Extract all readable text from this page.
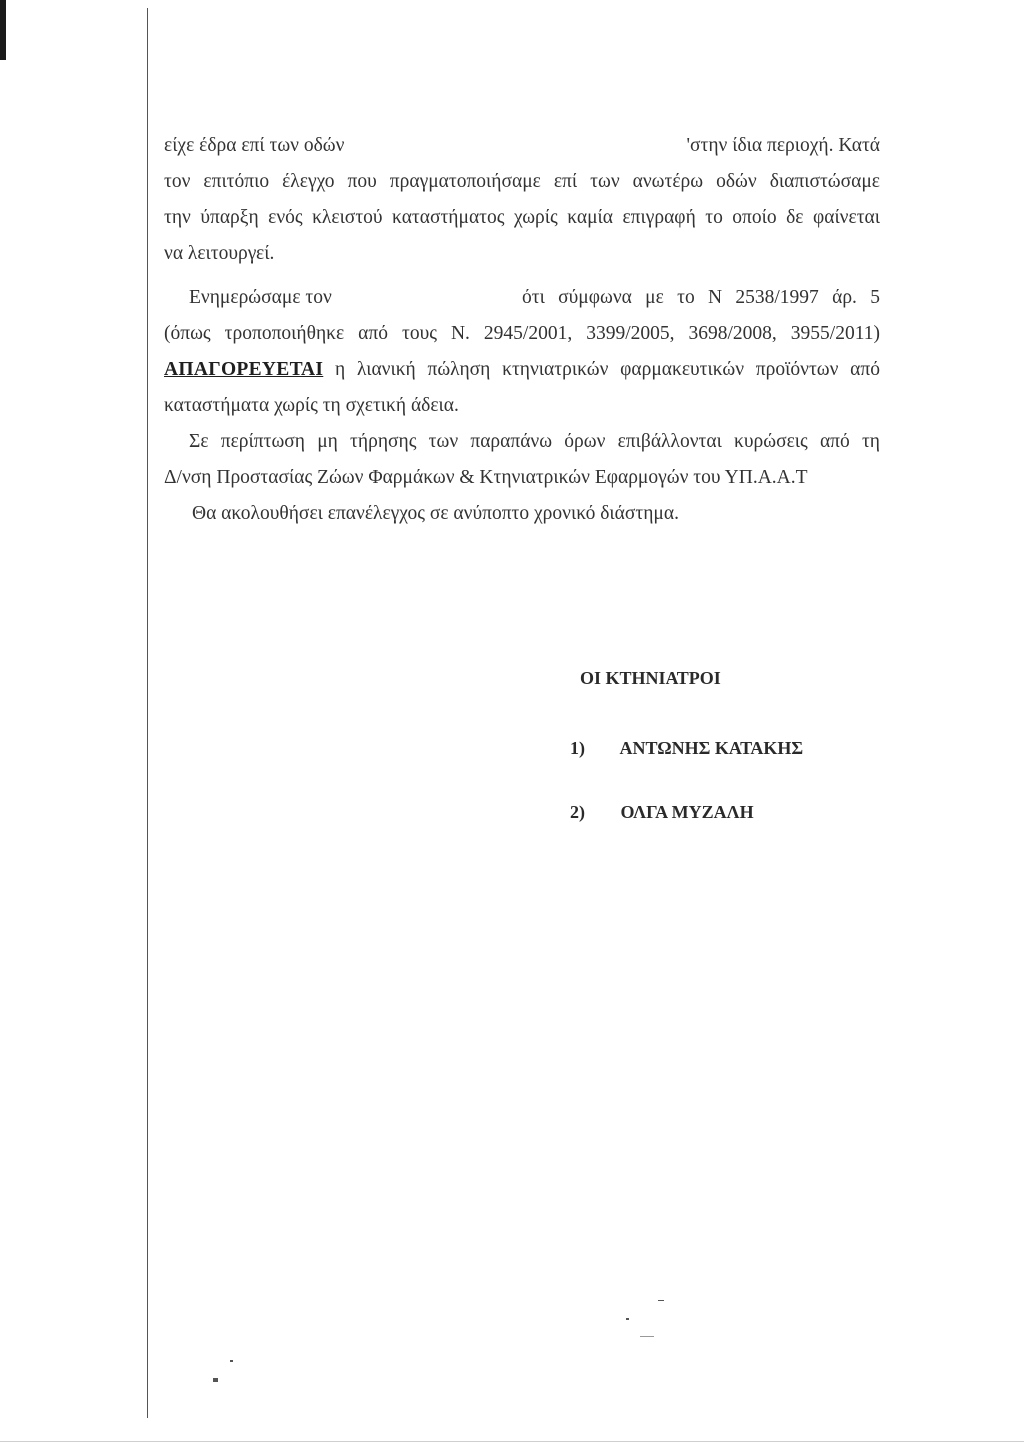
είχε έδρα επί των οδών	'στην ίδια περιοχή. Κατά
τον επιτόπιο έλεγχο που πραγματοποιήσαμε επί των ανωτέρω οδών διαπιστώσαμε
την ύπαρξη ενός κλειστού καταστήματος χωρίς καμία επιγραφή το οποίο δε φαίνεται
να λειτουργεί.
Ενημερώσαμε τον	ότι σύμφωνα με το Ν 2538/1997 άρ. 5
(όπως τροποποιήθηκε από τους Ν. 2945/2001, 3399/2005, 3698/2008, 3955/2011)
ΑΠΑΓΟΡΕΥΕΤΑΙ η λιανική πώληση κτηνιατρικών φαρμακευτικών προϊόντων από
καταστήματα χωρίς τη σχετική άδεια.
Σε περίπτωση μη τήρησης των παραπάνω όρων επιβάλλονται κυρώσεις από τη
Δ/νση Προστασίας Ζώων Φαρμάκων & Κτηνιατρικών Εφαρμογών του ΥΠ.Α.Α.Τ
Θα ακολουθήσει επανέλεγχος σε ανύποπτο χρονικό διάστημα.
ΟΙ ΚΤΗΝΙΑΤΡΟΙ
1) ΑΝΤΩΝΗΣ ΚΑΤΑΚΗΣ
2) ΟΛΓΑ ΜΥΖΑΛΗ
